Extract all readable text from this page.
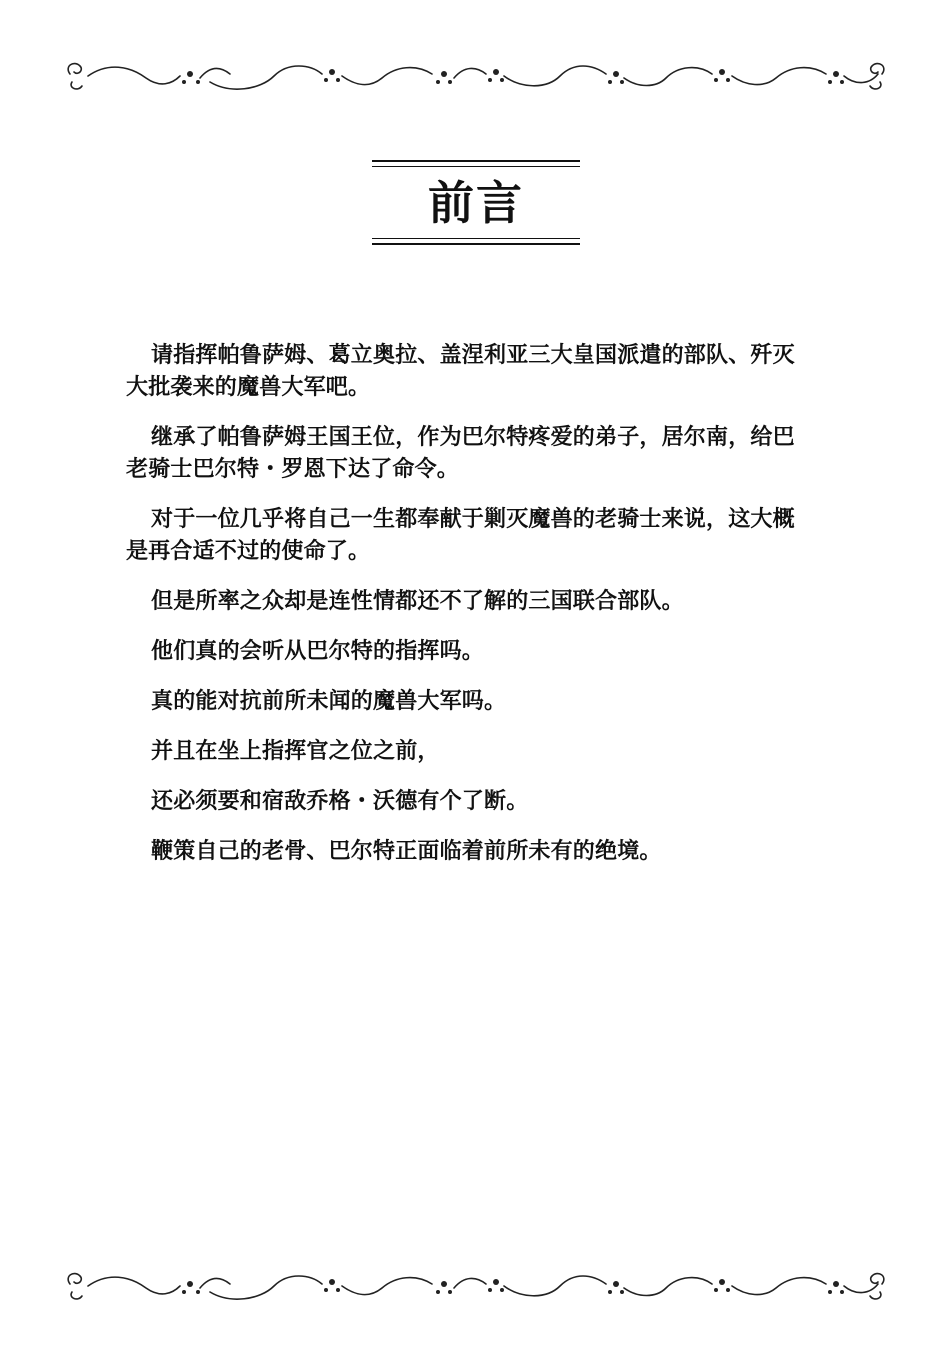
前言

请指挥帕鲁萨姆、葛立奥拉、盖涅利亚三大皇国派遣的部队、歼灭大批袭来的魔兽大军吧。

继承了帕鲁萨姆王国王位，作为巴尔特疼爱的弟子，居尔南，给巴老骑士巴尔特・罗恩下达了命令。

对于一位几乎将自己一生都奉献于剿灭魔兽的老骑士来说，这大概是再合适不过的使命了。

但是所率之众却是连性情都还不了解的三国联合部队。

他们真的会听从巴尔特的指挥吗。

真的能对抗前所未闻的魔兽大军吗。

并且在坐上指挥官之位之前，

还必须要和宿敌乔格・沃德有个了断。

鞭策自己的老骨、巴尔特正面临着前所未有的绝境。
